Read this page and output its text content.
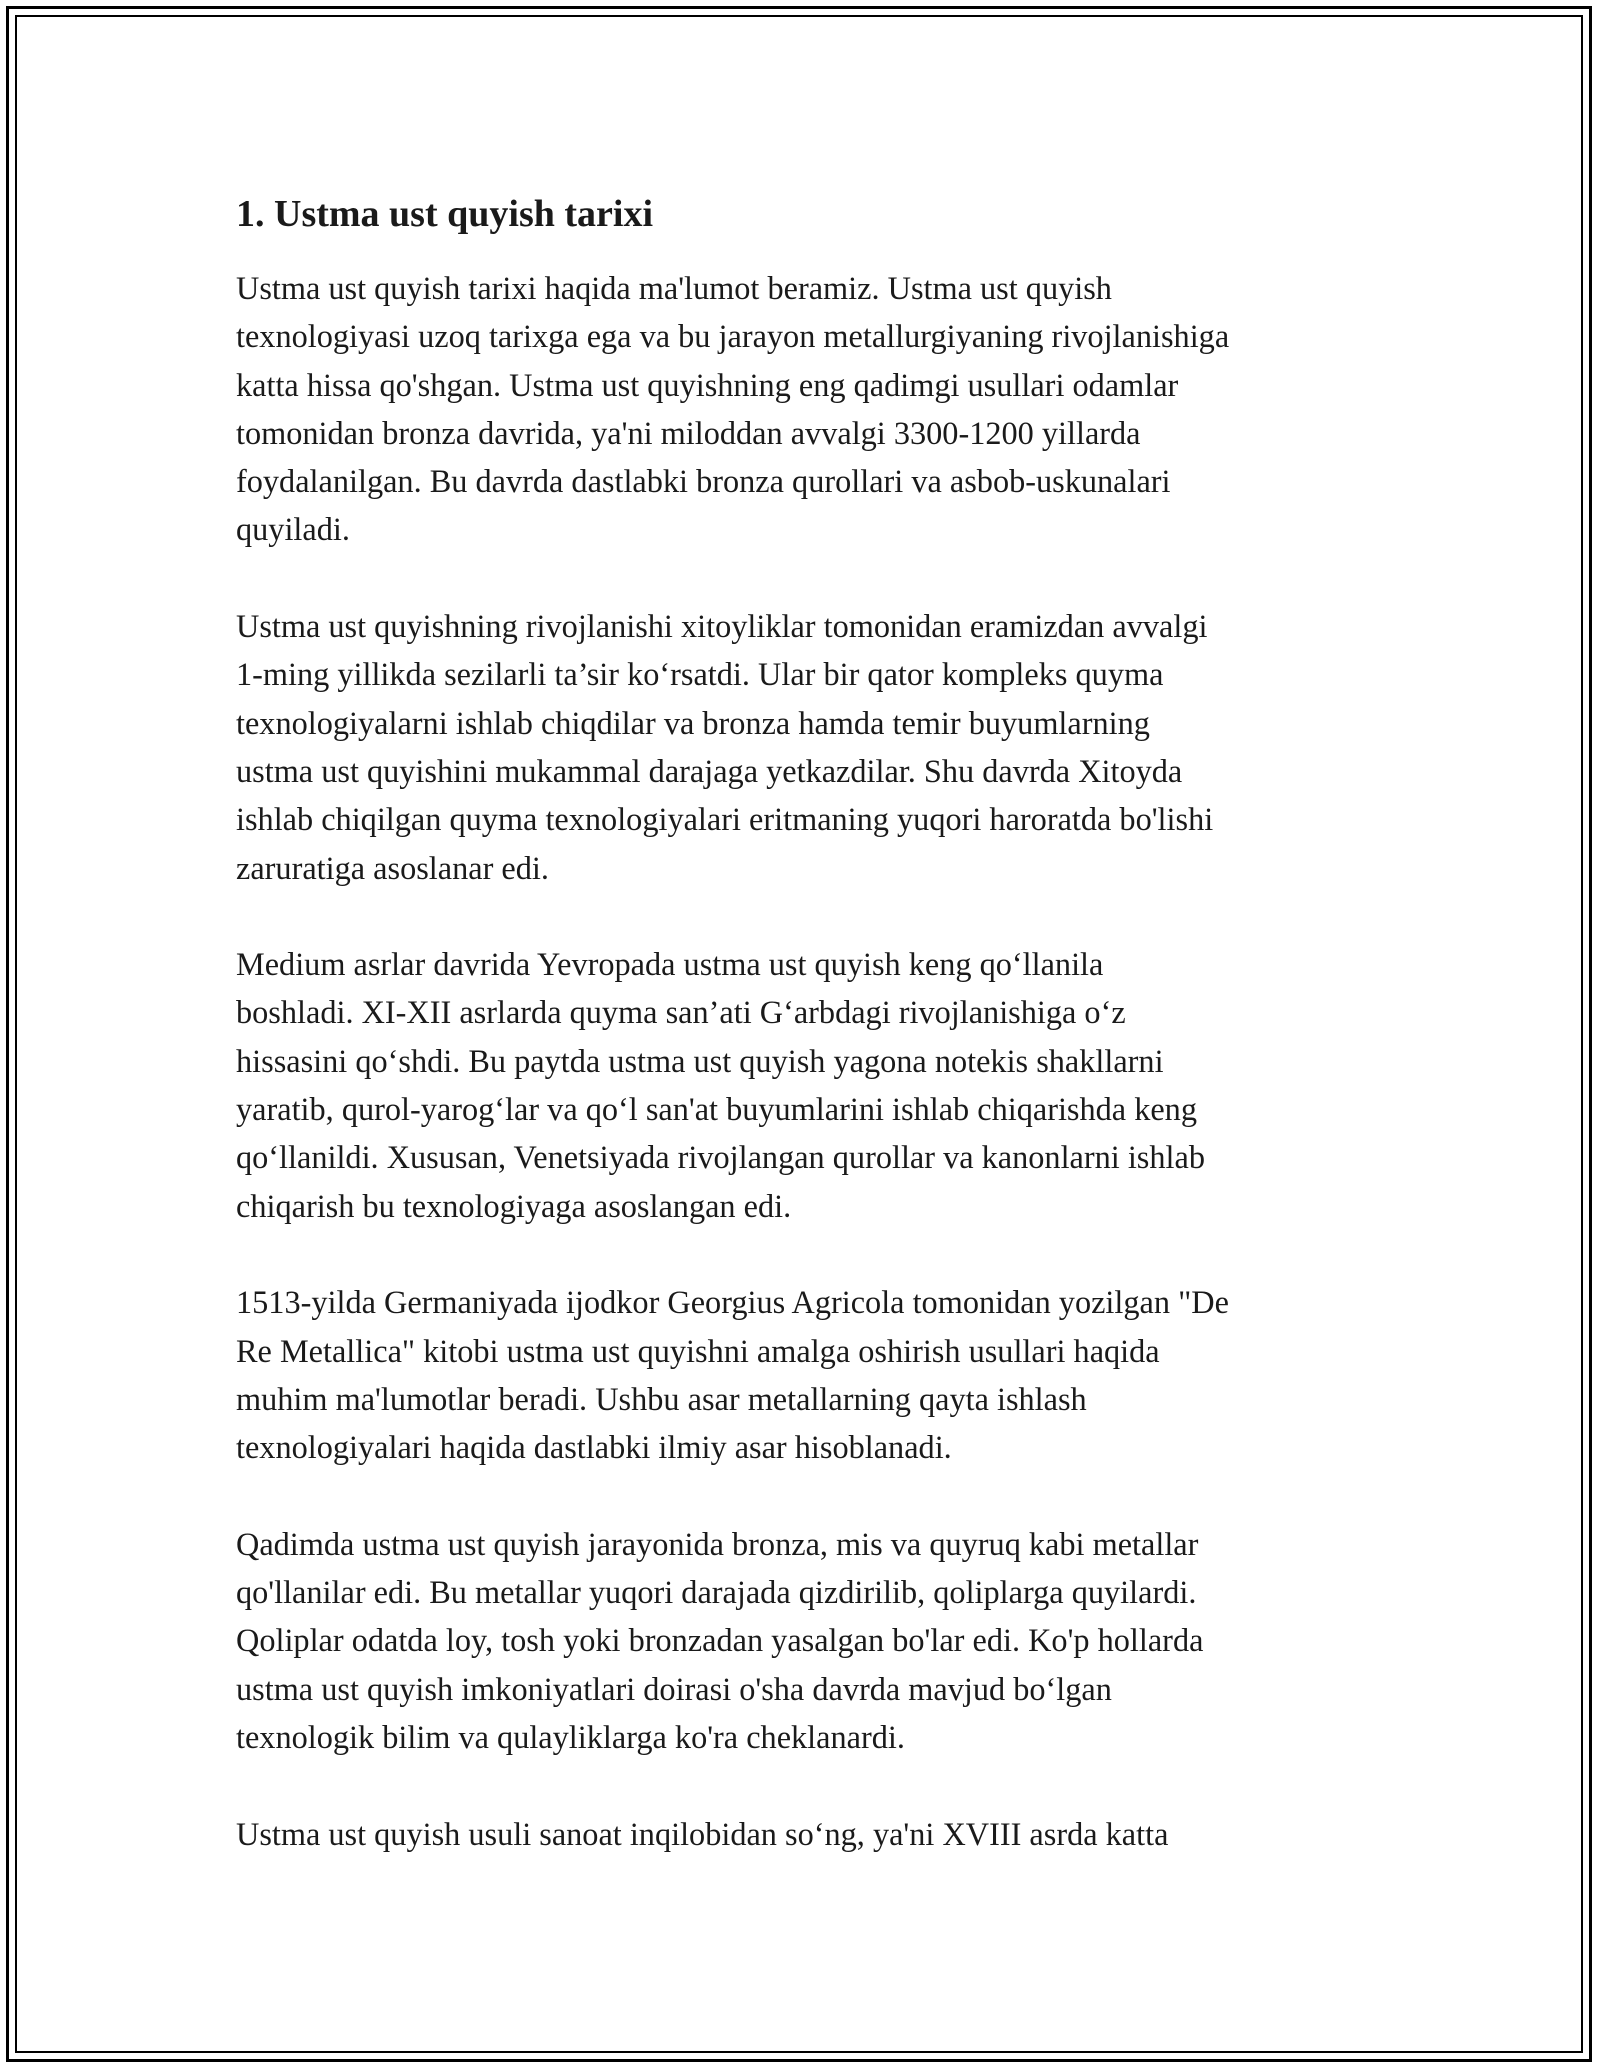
1. Ustma ust quyish tarixi

Ustma ust quyish tarixi haqida ma'lumot beramiz. Ustma ust quyish
texnologiyasi uzoq tarixga ega va bu jarayon metallurgiyaning rivojlanishiga
katta hissa qo'shgan. Ustma ust quyishning eng qadimgi usullari odamlar
tomonidan bronza davrida, ya'ni miloddan avvalgi 3300-1200 yillarda
foydalanilgan. Bu davrda dastlabki bronza qurollari va asbob-uskunalari
quyiladi.

Ustma ust quyishning rivojlanishi xitoyliklar tomonidan eramizdan avvalgi
1-ming yillikda sezilarli ta’sir ko‘rsatdi. Ular bir qator kompleks quyma
texnologiyalarni ishlab chiqdilar va bronza hamda temir buyumlarning
ustma ust quyishini mukammal darajaga yetkazdilar. Shu davrda Xitoyda
ishlab chiqilgan quyma texnologiyalari eritmaning yuqori haroratda bo'lishi
zaruratiga asoslanar edi.

Medium asrlar davrida Yevropada ustma ust quyish keng qo‘llanila
boshladi. XI-XII asrlarda quyma san’ati G‘arbdagi rivojlanishiga o‘z
hissasini qo‘shdi. Bu paytda ustma ust quyish yagona notekis shakllarni
yaratib, qurol-yarog‘lar va qo‘l san'at buyumlarini ishlab chiqarishda keng
qo‘llanildi. Xususan, Venetsiyada rivojlangan qurollar va kanonlarni ishlab
chiqarish bu texnologiyaga asoslangan edi.

1513-yilda Germaniyada ijodkor Georgius Agricola tomonidan yozilgan "De
Re Metallica" kitobi ustma ust quyishni amalga oshirish usullari haqida
muhim ma'lumotlar beradi. Ushbu asar metallarning qayta ishlash
texnologiyalari haqida dastlabki ilmiy asar hisoblanadi.

Qadimda ustma ust quyish jarayonida bronza, mis va quyruq kabi metallar
qo'llanilar edi. Bu metallar yuqori darajada qizdirilib, qoliplarga quyilardi.
Qoliplar odatda loy, tosh yoki bronzadan yasalgan bo'lar edi. Ko'p hollarda
ustma ust quyish imkoniyatlari doirasi o'sha davrda mavjud bo‘lgan
texnologik bilim va qulayliklarga ko'ra cheklanardi.

Ustma ust quyish usuli sanoat inqilobidan so‘ng, ya'ni XVIII asrda katta
